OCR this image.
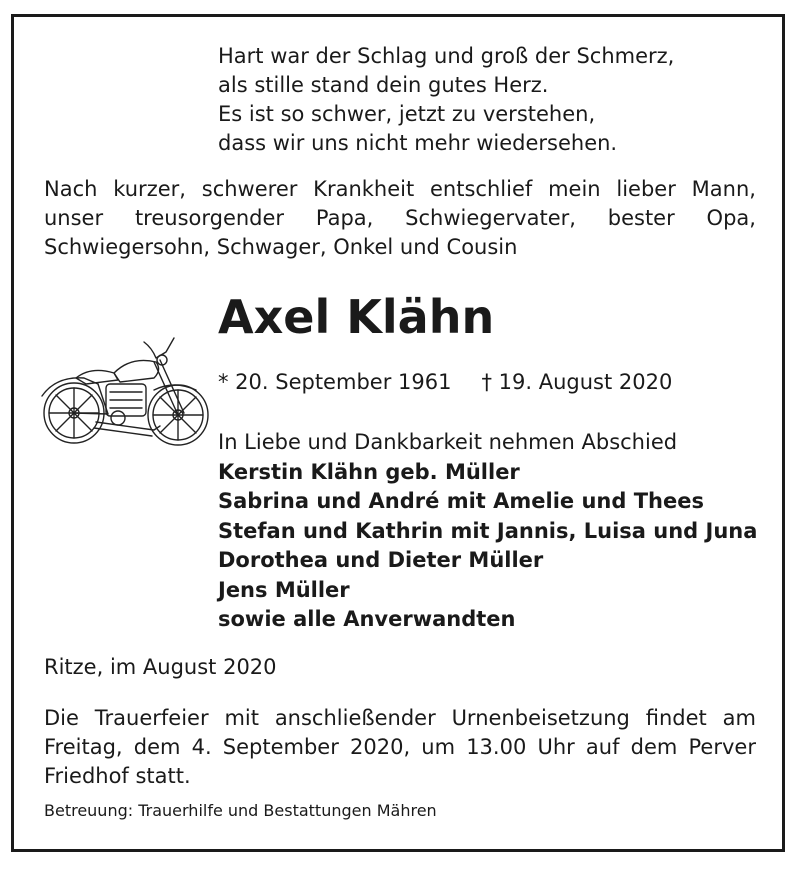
Hart war der Schlag und groß der Schmerz,
als stille stand dein gutes Herz.
Es ist so schwer, jetzt zu verstehen,
dass wir uns nicht mehr wiedersehen.
Nach kurzer, schwerer Krankheit entschlief mein lieber Mann,
unser treusorgender Papa, Schwiegervater, bester Opa,
Schwiegersohn, Schwager, Onkel und Cousin
Axel Klähn
* 20. September 1961 † 19. August 2020
In Liebe und Dankbarkeit nehmen Abschied
Kerstin Klähn geb. Müller
Sabrina und André mit Amelie und Thees
Stefan und Kathrin mit Jannis, Luisa und Juna
Dorothea und Dieter Müller
Jens Müller
sowie alle Anverwandten
Ritze, im August 2020
Die Trauerfeier mit anschließender Urnenbeisetzung findet am
Freitag, dem 4. September 2020, um 13.00 Uhr auf dem Perver
Friedhof statt.
Betreuung: Trauerhilfe und Bestattungen Mähren
